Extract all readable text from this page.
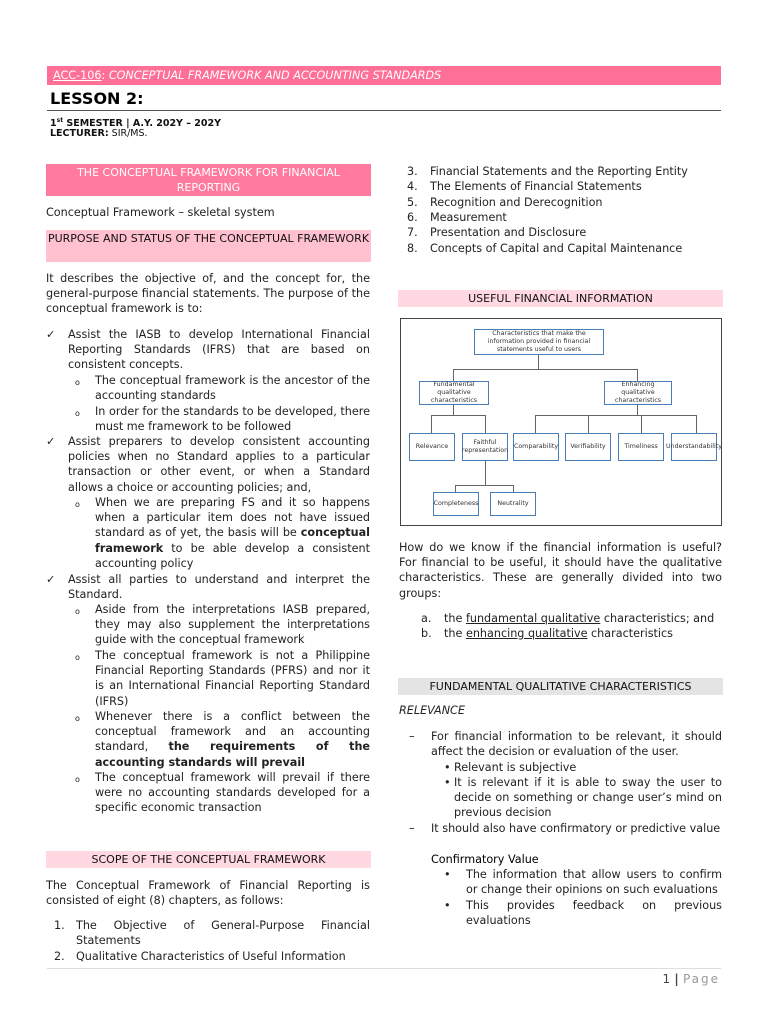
ACC-106: CONCEPTUAL FRAMEWORK AND ACCOUNTING STANDARDS
LESSON 2:
1st SEMESTER | A.Y. 202Y – 202Y
LECTURER: SIR/MS.
THE CONCEPTUAL FRAMEWORK FOR FINANCIAL REPORTING
Conceptual Framework – skeletal system
PURPOSE AND STATUS OF THE CONCEPTUAL FRAMEWORK
It describes the objective of, and the concept for, the general-purpose financial statements. The purpose of the conceptual framework is to:
✓ Assist the IASB to develop International Financial Reporting Standards (IFRS) that are based on consistent concepts.
o The conceptual framework is the ancestor of the accounting standards
o In order for the standards to be developed, there must me framework to be followed
✓ Assist preparers to develop consistent accounting policies when no Standard applies to a particular transaction or other event, or when a Standard allows a choice or accounting policies; and,
o When we are preparing FS and it so happens when a particular item does not have issued standard as of yet, the basis will be conceptual framework to be able develop a consistent accounting policy
✓ Assist all parties to understand and interpret the Standard.
o Aside from the interpretations IASB prepared, they may also supplement the interpretations guide with the conceptual framework
o The conceptual framework is not a Philippine Financial Reporting Standards (PFRS) and nor it is an International Financial Reporting Standard (IFRS)
o Whenever there is a conflict between the conceptual framework and an accounting standard, the requirements of the accounting standards will prevail
o The conceptual framework will prevail if there were no accounting standards developed for a specific economic transaction
SCOPE OF THE CONCEPTUAL FRAMEWORK
The Conceptual Framework of Financial Reporting is consisted of eight (8) chapters, as follows:
1. The Objective of General-Purpose Financial Statements
2. Qualitative Characteristics of Useful Information
3. Financial Statements and the Reporting Entity
4. The Elements of Financial Statements
5. Recognition and Derecognition
6. Measurement
7. Presentation and Disclosure
8. Concepts of Capital and Capital Maintenance
USEFUL FINANCIAL INFORMATION
Characteristics that make the information provided in financial statements useful to users
Fundamental qualitative characteristics
Enhancing qualitative characteristics
Relevance
Faithful representation
Comparability	Verifiability	Timeliness	Understandability
Completeness	Neutrality
How do we know if the financial information is useful? For financial to be useful, it should have the qualitative characteristics. These are generally divided into two groups:
a. the fundamental qualitative characteristics; and
b. the enhancing qualitative characteristics
FUNDAMENTAL QUALITATIVE CHARACTERISTICS
RELEVANCE
– For financial information to be relevant, it should affect the decision or evaluation of the user.
• Relevant is subjective
• It is relevant if it is able to sway the user to decide on something or change user’s mind on previous decision
– It should also have confirmatory or predictive value
Confirmatory Value
• The information that allow users to confirm or change their opinions on such evaluations
• This provides feedback on previous evaluations
1 | Page
